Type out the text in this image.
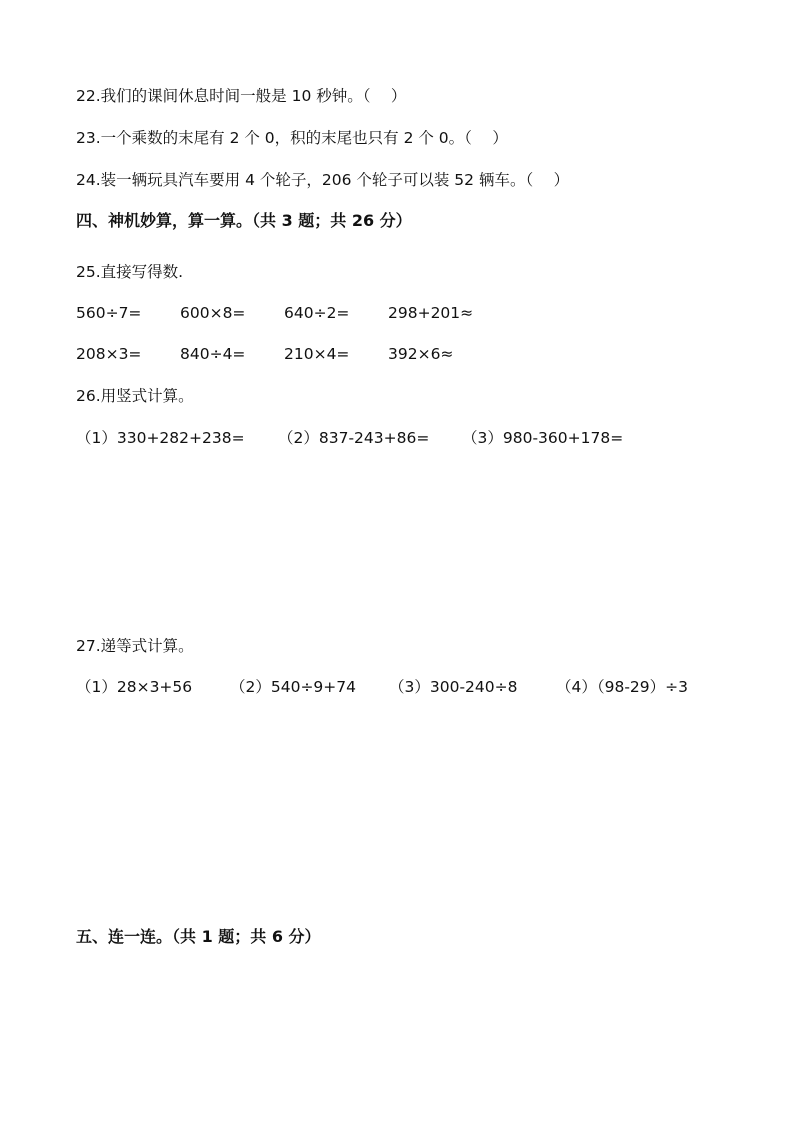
22.我们的课间休息时间一般是 10 秒钟。（　 ）
23.一个乘数的末尾有 2 个 0，积的末尾也只有 2 个 0。（　 ）
24.装一辆玩具汽车要用 4 个轮子，206 个轮子可以装 52 辆车。（　 ）
四、神机妙算，算一算。（共 3 题；共 26 分）
25.直接写得数.
560÷7= 600×8= 640÷2= 298+201≈
208×3= 840÷4= 210×4= 392×6≈
26.用竖式计算。
（1）330+282+238= （2）837-243+86= （3）980-360+178=
27.递等式计算。
（1）28×3+56 （2）540÷9+74 （3）300-240÷8 （4）（98-29）÷3
五、连一连。（共 1 题；共 6 分）
